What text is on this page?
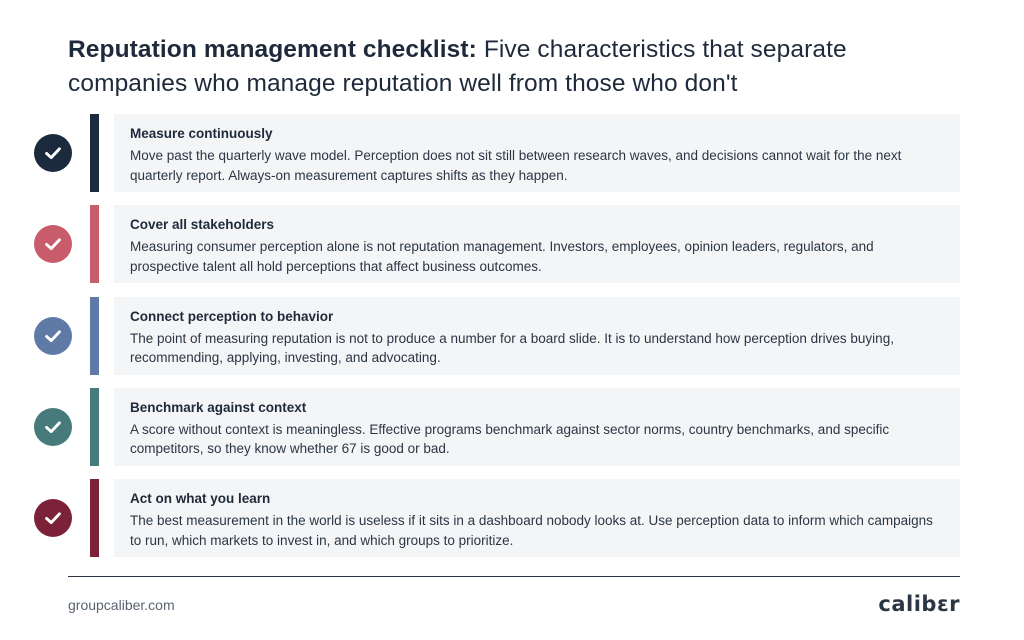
Reputation management checklist: Five characteristics that separate companies who manage reputation well from those who don't
Measure continuously
Move past the quarterly wave model. Perception does not sit still between research waves, and decisions cannot wait for the next quarterly report. Always-on measurement captures shifts as they happen.
Cover all stakeholders
Measuring consumer perception alone is not reputation management. Investors, employees, opinion leaders, regulators, and prospective talent all hold perceptions that affect business outcomes.
Connect perception to behavior
The point of measuring reputation is not to produce a number for a board slide. It is to understand how perception drives buying, recommending, applying, investing, and advocating.
Benchmark against context
A score without context is meaningless. Effective programs benchmark against sector norms, country benchmarks, and specific competitors, so they know whether 67 is good or bad.
Act on what you learn
The best measurement in the world is useless if it sits in a dashboard nobody looks at. Use perception data to inform which campaigns to run, which markets to invest in, and which groups to prioritize.
groupcaliber.com	calibɛr
